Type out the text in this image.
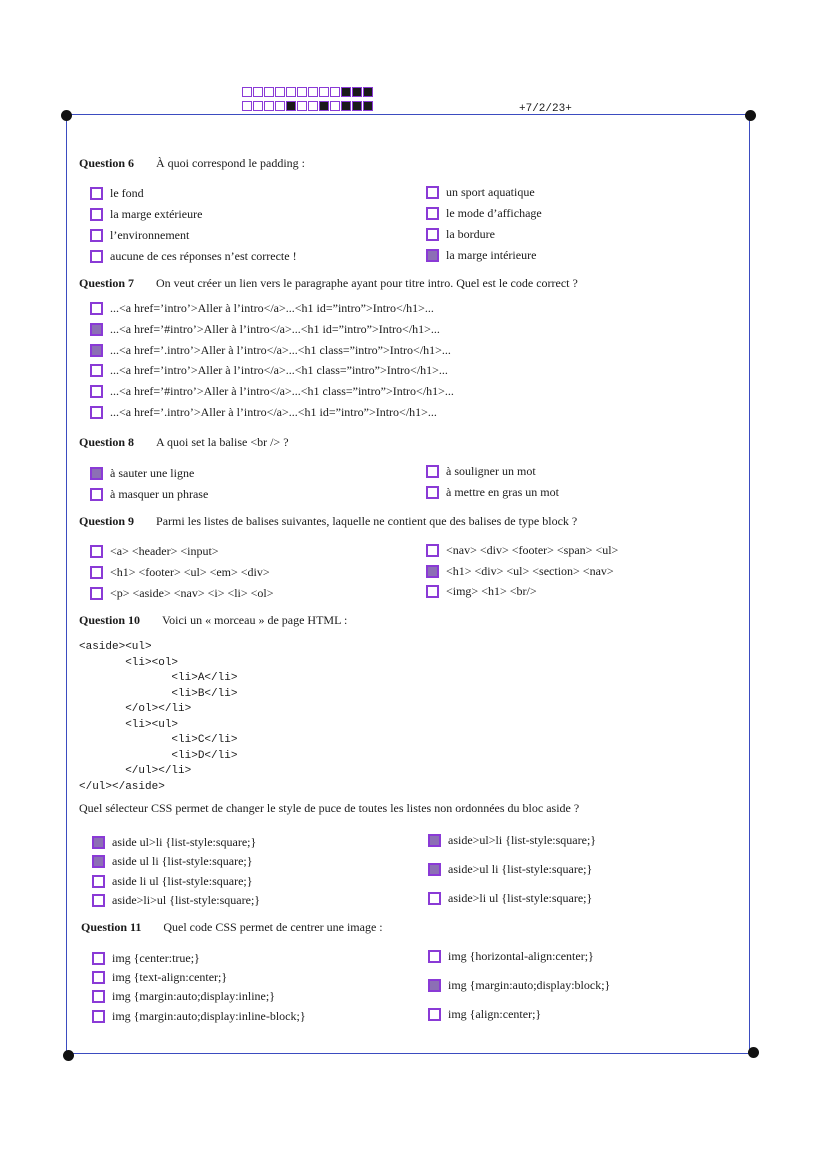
+7/2/23+
Question 6 À quoi correspond le padding :
le fond
la marge extérieure
l’environnement
aucune de ces réponses n’est correcte !
un sport aquatique
le mode d’affichage
la bordure
la marge intérieure
Question 7 On veut créer un lien vers le paragraphe ayant pour titre intro. Quel est le code correct ?
...<a href=’intro’>Aller à l’intro</a>...<h1 id=”intro”>Intro</h1>...
...<a href=’#intro’>Aller à l’intro</a>...<h1 id=”intro”>Intro</h1>...
...<a href=’.intro’>Aller à l’intro</a>...<h1 class=”intro”>Intro</h1>...
...<a href=’intro’>Aller à l’intro</a>...<h1 class=”intro”>Intro</h1>...
...<a href=’#intro’>Aller à l’intro</a>...<h1 class=”intro”>Intro</h1>...
...<a href=’.intro’>Aller à l’intro</a>...<h1 id=”intro”>Intro</h1>...
Question 8 A quoi set la balise <br /> ?
à sauter une ligne
à masquer un phrase
à souligner un mot
à mettre en gras un mot
Question 9 Parmi les listes de balises suivantes, laquelle ne contient que des balises de type block ?
<a> <header> <input>
<h1> <footer> <ul> <em> <div>
<p> <aside> <nav> <i> <li> <ol>
<nav> <div> <footer> <span> <ul>
<h1> <div> <ul> <section> <nav>
<img> <h1> <br/>
Question 10 Voici un « morceau » de page HTML :
<aside><ul>
<li><ol>
<li>A</li>
<li>B</li>
</ol></li>
<li><ul>
<li>C</li>
<li>D</li>
</ul></li>
</ul></aside>
Quel sélecteur CSS permet de changer le style de puce de toutes les listes non ordonnées du bloc aside ?
aside ul>li {list-style:square;}
aside ul li {list-style:square;}
aside li ul {list-style:square;}
aside>li>ul {list-style:square;}
aside>ul>li {list-style:square;}
aside>ul li {list-style:square;}
aside>li ul {list-style:square;}
Question 11 Quel code CSS permet de centrer une image :
img {center:true;}
img {text-align:center;}
img {margin:auto;display:inline;}
img {margin:auto;display:inline-block;}
img {horizontal-align:center;}
img {margin:auto;display:block;}
img {align:center;}
